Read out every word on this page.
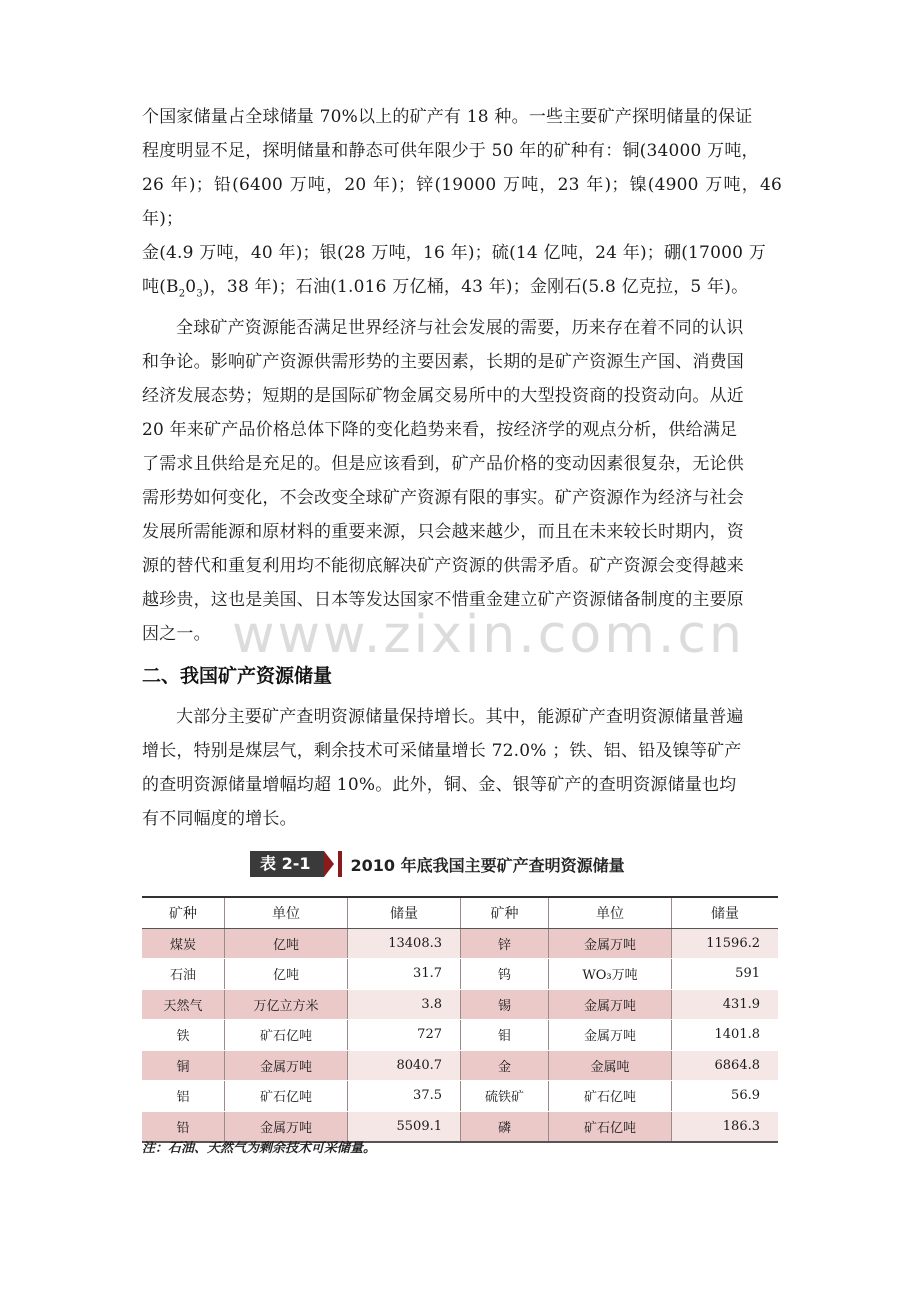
www.zixin.com.cn

个国家储量占全球储量 70%以上的矿产有 18 种。一些主要矿产探明储量的保证

程度明显不足，探明储量和静态可供年限少于 50 年的矿种有：铜(34000 万吨，

26 年)；铅(6400 万吨，20 年)；锌(19000 万吨，23 年)；镍(4900 万吨，46 年)；

金(4.9 万吨，40 年)；银(28 万吨，16 年)；硫(14 亿吨，24 年)；硼(17000 万

吨$(B_20_3)$，38 年)；石油(1.016 万亿桶，43 年)；金刚石(5.8 亿克拉，5 年)。

全球矿产资源能否满足世界经济与社会发展的需要，历来存在着不同的认识

和争论。影响矿产资源供需形势的主要因素，长期的是矿产资源生产国、消费国

经济发展态势；短期的是国际矿物金属交易所中的大型投资商的投资动向。从近

20 年来矿产品价格总体下降的变化趋势来看，按经济学的观点分析，供给满足

了需求且供给是充足的。但是应该看到，矿产品价格的变动因素很复杂，无论供

需形势如何变化，不会改变全球矿产资源有限的事实。矿产资源作为经济与社会

发展所需能源和原材料的重要来源，只会越来越少，而且在未来较长时期内，资

源的替代和重复利用均不能彻底解决矿产资源的供需矛盾。矿产资源会变得越来

越珍贵，这也是美国、日本等发达国家不惜重金建立矿产资源储备制度的主要原

因之一。

二、我国矿产资源储量

大部分主要矿产查明资源储量保持增长。其中，能源矿产查明资源储量普遍

增长，特别是煤层气，剩余技术可采储量增长 72.0% ；铁、铝、铅及镍等矿产

的查明资源储量增幅均超 10%。此外，铜、金、银等矿产的查明资源储量也均

有不同幅度的增长。

表 2-1	2010 年底我国主要矿产查明资源储量
矿种	单位	储量	矿种	单位	储量
煤炭	亿吨	13408.3	锌	金属万吨	11596.2
石油	亿吨	31.7	钨	WO₃万吨	591
天然气	万亿立方米	3.8	锡	金属万吨	431.9
铁	矿石亿吨	727	钼	金属万吨	1401.8
铜	金属万吨	8040.7	金	金属吨	6864.8
铝	矿石亿吨	37.5	硫铁矿	矿石亿吨	56.9
铅	金属万吨	5509.1	磷	矿石亿吨	186.3
注：石油、天然气为剩余技术可采储量。
